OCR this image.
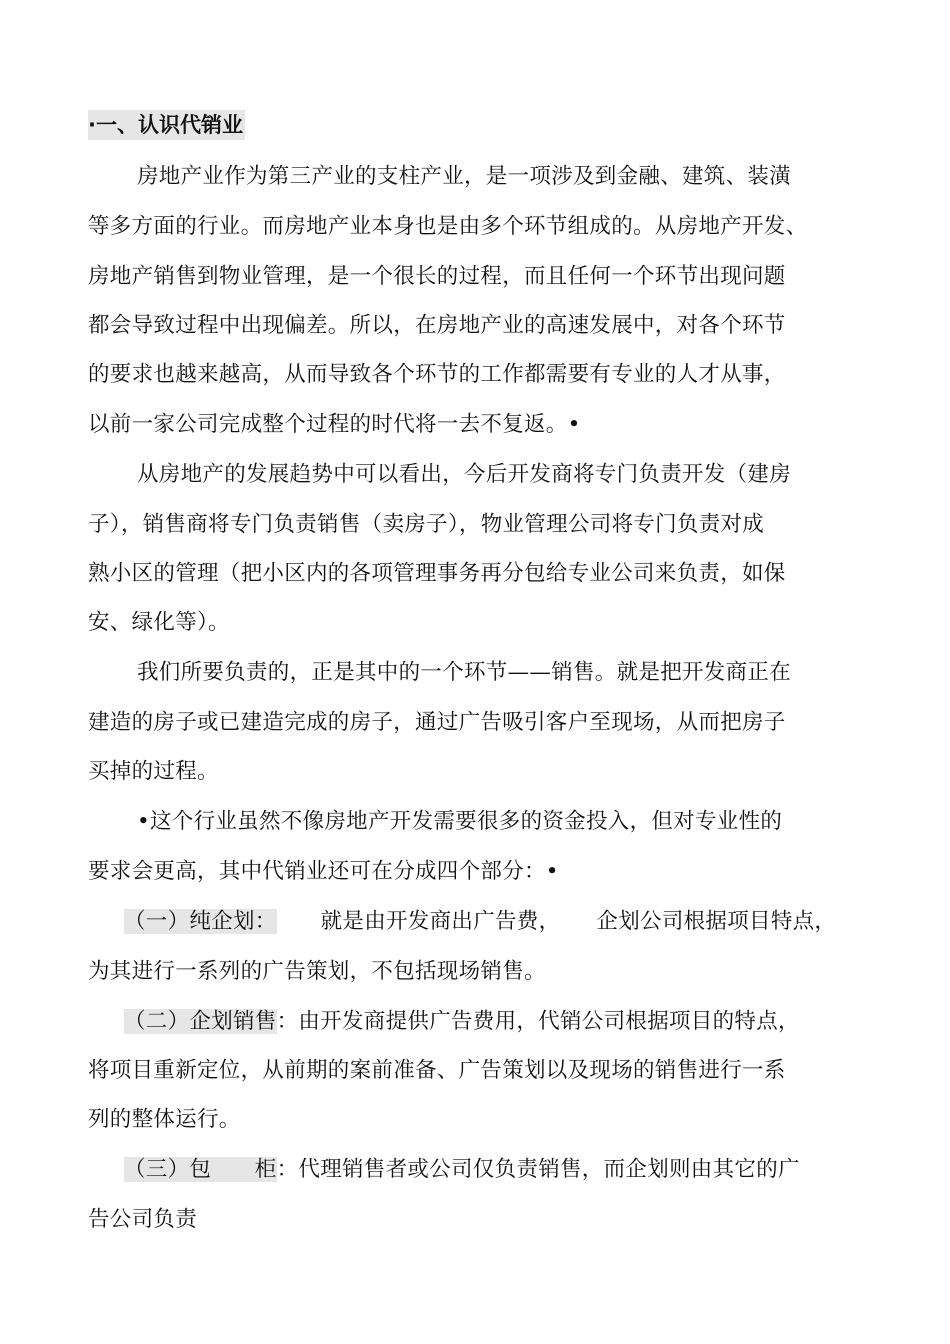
·一、认识代销业
房地产业作为第三产业的支柱产业，是一项涉及到金融、建筑、装潢
等多方面的行业。而房地产业本身也是由多个环节组成的。从房地产开发、
房地产销售到物业管理，是一个很长的过程，而且任何一个环节出现问题
都会导致过程中出现偏差。所以，在房地产业的高速发展中，对各个环节
的要求也越来越高，从而导致各个环节的工作都需要有专业的人才从事，
以前一家公司完成整个过程的时代将一去不复返。•
从房地产的发展趋势中可以看出，今后开发商将专门负责开发（建房
子），销售商将专门负责销售（卖房子），物业管理公司将专门负责对成
熟小区的管理（把小区内的各项管理事务再分包给专业公司来负责，如保
安、绿化等）。
我们所要负责的，正是其中的一个环节——销售。就是把开发商正在
建造的房子或已建造完成的房子，通过广告吸引客户至现场，从而把房子
买掉的过程。
•这个行业虽然不像房地产开发需要很多的资金投入，但对专业性的
要求会更高，其中代销业还可在分成四个部分：•
（一）纯企划： 就是由开发商出广告费， 企划公司根据项目特点，
为其进行一系列的广告策划，不包括现场销售。
（二）企划销售：由开发商提供广告费用，代销公司根据项目的特点，
将项目重新定位，从前期的案前准备、广告策划以及现场的销售进行一系
列的整体运行。
（三）包　　柜：代理销售者或公司仅负责销售，而企划则由其它的广
告公司负责
